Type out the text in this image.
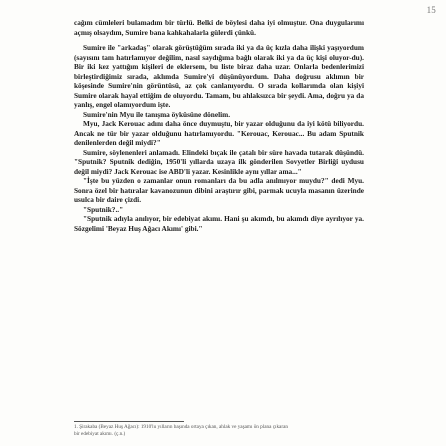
15

cağım cümleleri bulamadım bir türlü. Belki de böylesi daha iyi olmuştur. Ona duygularımı açmış olsaydım, Sumire bana kahkahalarla gülerdi çünkü.

Sumire ile "arkadaş" olarak görüştüğüm sırada iki ya da üç kızla daha ilişki yaşıyordum (sayısını tam hatırlamıyor değilim, nasıl saydığıma bağlı olarak iki ya da üç kişi oluyor-du). Bir iki kez yattığım kişileri de eklersem, bu liste biraz daha uzar. Onlarla bedenlerimizi birleştirdiğimiz sırada, aklımda Sumire'yi düşünüyordum. Daha doğrusu aklımın bir köşesinde Sumire'nin görüntüsü, az çok canlanıyordu. O sırada kollarımda olan kişiyi Sumire olarak hayal ettiğim de oluyordu. Tamam, bu ahlaksızca bir şeydi. Ama, doğru ya da yanlış, engel olamıyordum işte.

Sumire'nin Myu ile tanışma öyküsüne dönelim.

Myu, Jack Kerouac adını daha önce duymuştu, bir yazar olduğunu da iyi kötü biliyordu. Ancak ne tür bir yazar olduğunu hatırlamıyordu. "Kerouac, Kerouac... Bu adam Sputnik denilenlerden değil miydi?"

Sumire, söylenenleri anlamadı. Elindeki bıçak ile çatalı bir süre havada tutarak düşündü. "Sputnik? Sputnik dediğin, 1950'li yıllarda uzaya ilk gönderilen Sovyetler Birliği uydusu değil miydi? Jack Kerouac ise ABD'li yazar. Kesinlikle aynı yıllar ama..."

"İşte bu yüzden o zamanlar onun romanları da bu adla anılmıyor muydu?" dedi Myu. Sonra özel bir hatıralar kavanozunun dibini araştırır gibi, parmak ucuyla masanın üzerinde usulca bir daire çizdi.

"Sputnik?.."

"Sputnik adıyla anılıyor, bir edebiyat akımı. Hani şu akımdı, bu akımdı diye ayrılıyor ya. Sözgelimi 'Beyaz Huş Ağacı Akımı' gibi."

1. Şirakaba (Beyaz Huş Ağacı): 1910'lu yılların başında ortaya çıkan, ahlak ve yaşamı ön plana çıkaran

bir edebiyat akımı. (ç.n.)
